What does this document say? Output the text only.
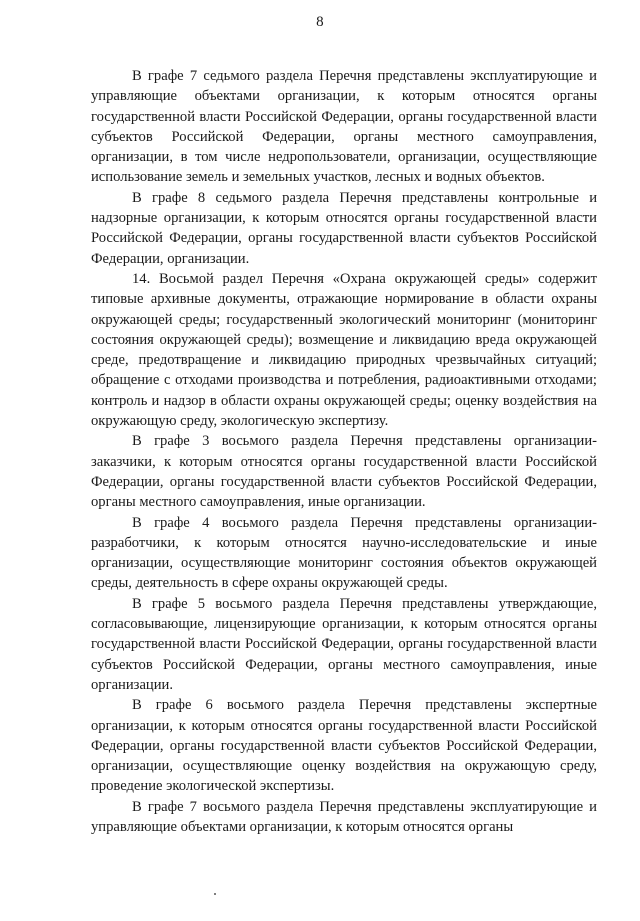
8

В графе 7 седьмого раздела Перечня представлены эксплуатирующие и управляющие объектами организации, к которым относятся органы государственной власти Российской Федерации, органы государственной власти субъектов Российской Федерации, органы местного самоуправления, организации, в том числе недропользователи, организации, осуществляющие использование земель и земельных участков, лесных и водных объектов.

В графе 8 седьмого раздела Перечня представлены контрольные и надзорные организации, к которым относятся органы государственной власти Российской Федерации, органы государственной власти субъектов Российской Федерации, организации.

14. Восьмой раздел Перечня «Охрана окружающей среды» содержит типовые архивные документы, отражающие нормирование в области охраны окружающей среды; государственный экологический мониторинг (мониторинг состояния окружающей среды); возмещение и ликвидацию вреда окружающей среде, предотвращение и ликвидацию природных чрезвычайных ситуаций; обращение с отходами производства и потребления, радиоактивными отходами; контроль и надзор в области охраны окружающей среды; оценку воздействия на окружающую среду, экологическую экспертизу.

В графе 3 восьмого раздела Перечня представлены организации-заказчики, к которым относятся органы государственной власти Российской Федерации, органы государственной власти субъектов Российской Федерации, органы местного самоуправления, иные организации.

В графе 4 восьмого раздела Перечня представлены организации-разработчики, к которым относятся научно-исследовательские и иные организации, осуществляющие мониторинг состояния объектов окружающей среды, деятельность в сфере охраны окружающей среды.

В графе 5 восьмого раздела Перечня представлены утверждающие, согласовывающие, лицензирующие организации, к которым относятся органы государственной власти Российской Федерации, органы государственной власти субъектов Российской Федерации, органы местного самоуправления, иные организации.

В графе 6 восьмого раздела Перечня представлены экспертные организации, к которым относятся органы государственной власти Российской Федерации, органы государственной власти субъектов Российской Федерации, организации, осуществляющие оценку воздействия на окружающую среду, проведение экологической экспертизы.

В графе 7 восьмого раздела Перечня представлены эксплуатирующие и управляющие объектами организации, к которым относятся органы
